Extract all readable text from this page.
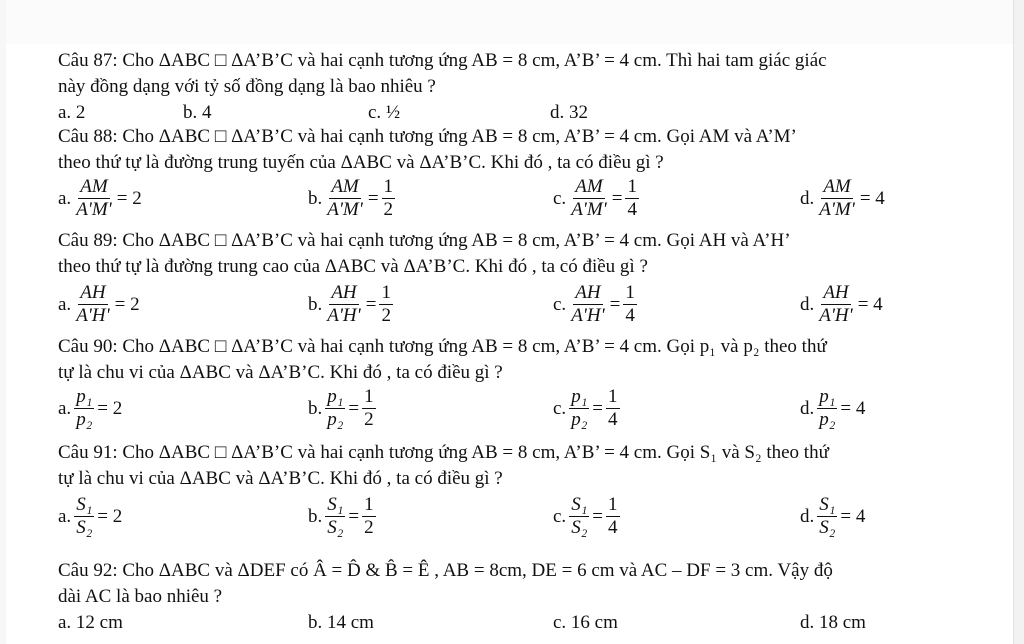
Câu 87: Cho ΔABC □ ΔA’B’C và hai cạnh tương ứng AB = 8 cm, A’B’ = 4 cm. Thì hai tam giác giác
này đồng dạng với tỷ số đồng dạng là bao nhiêu ?
a. 2	b. 4	c. ½	d. 32
Câu 88: Cho ΔABC □ ΔA’B’C và hai cạnh tương ứng AB = 8 cm, A’B’ = 4 cm. Gọi AM và A’M’
theo thứ tự là đường trung tuyến của ΔABC và ΔA’B’C. Khi đó , ta có điều gì ?
a. $\frac{AM}{A'M'} = 2$	b. $\frac{AM}{A'M'} = \frac{1}{2}$	c. $\frac{AM}{A'M'} = \frac{1}{4}$	d. $\frac{AM}{A'M'} = 4$
Câu 89: Cho ΔABC □ ΔA’B’C và hai cạnh tương ứng AB = 8 cm, A’B’ = 4 cm. Gọi AH và A’H’
theo thứ tự là đường trung cao của ΔABC và ΔA’B’C. Khi đó , ta có điều gì ?
a. $\frac{AH}{A'H'} = 2$	b. $\frac{AH}{A'H'} = \frac{1}{2}$	c. $\frac{AH}{A'H'} = \frac{1}{4}$	d. $\frac{AH}{A'H'} = 4$
Câu 90: Cho ΔABC □ ΔA’B’C và hai cạnh tương ứng AB = 8 cm, A’B’ = 4 cm. Gọi p₁ và p₂ theo thứ
tự là chu vi của ΔABC và ΔA’B’C. Khi đó , ta có điều gì ?
a. $\frac{\text{p₁}}{\text{p₂}} = 2$	b. $\frac{\text{p₁}}{\text{p₂}} = \frac{1}{2}$	c. $\frac{\text{p₁}}{\text{p₂}} = \frac{1}{4}$	d. $\frac{\text{p₁}}{\text{p₂}} = 4$
Câu 91: Cho ΔABC □ ΔA’B’C và hai cạnh tương ứng AB = 8 cm, A’B’ = 4 cm. Gọi S₁ và S₂ theo thứ
tự là chu vi của ΔABC và ΔA’B’C. Khi đó , ta có điều gì ?
a. $\frac{\text{S₁}}{\text{S₂}} = 2$	b. $\frac{\text{S₁}}{\text{S₂}} = \frac{1}{2}$	c. $\frac{\text{S₁}}{\text{S₂}} = \frac{1}{4}$	d. $\frac{\text{S₁}}{\text{S₂}} = 4$
Câu 92: Cho ΔABC và ΔDEF có Â = D̂ & B̂ = Ê , AB = 8cm, DE = 6 cm và AC – DF = 3 cm. Vậy độ
dài AC là bao nhiêu ?
a. 12 cm	b. 14 cm	c. 16 cm	d. 18 cm
